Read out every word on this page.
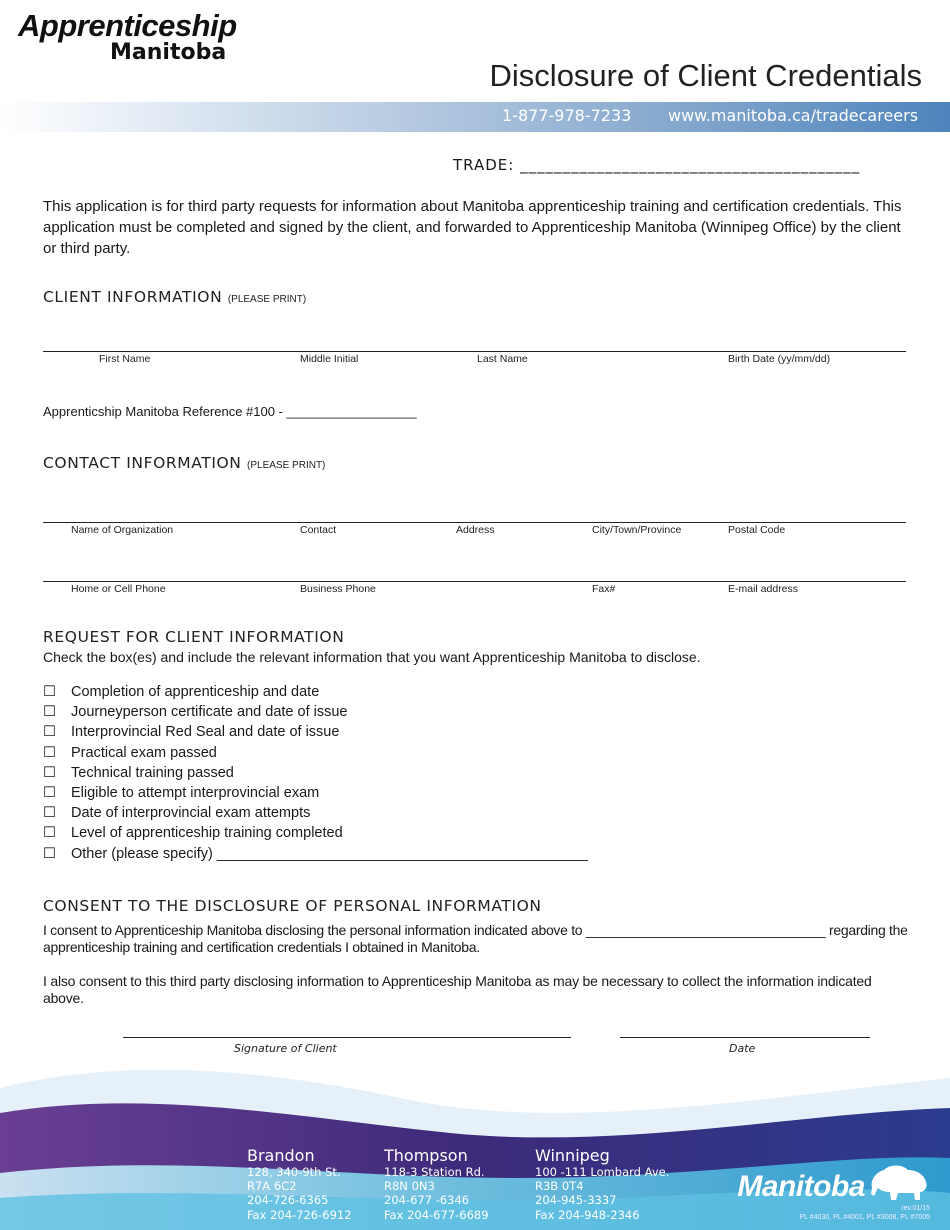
Apprenticeship
Manitoba
Disclosure of Client Credentials
1-877-978-7233 www.manitoba.ca/tradecareers
TRADE: ________________________________________
This application is for third party requests for information about Manitoba apprenticeship training and certification credentials. This application must be completed and signed by the client, and forwarded to Apprenticeship Manitoba (Winnipeg Office) by the client or third party.
CLIENT INFORMATION (PLEASE PRINT)
First Name	Middle Initial	Last Name	Birth Date (yy/mm/dd)
Apprenticship Manitoba Reference #100 - __________________
CONTACT INFORMATION (PLEASE PRINT)
Name of Organization	Contact	Address	City/Town/Province	Postal Code
Home or Cell Phone	Business Phone	Fax#	E-mail address
REQUEST FOR CLIENT INFORMATION
Check the box(es) and include the relevant information that you want Apprenticeship Manitoba to disclose.
☐ Completion of apprenticeship and date
☐ Journeyperson certificate and date of issue
☐ Interprovincial Red Seal and date of issue
☐ Practical exam passed
☐ Technical training passed
☐ Eligible to attempt interprovincial exam
☐ Date of interprovincial exam attempts
☐ Level of apprenticeship training completed
☐ Other (please specify) ______________________________________________
CONSENT TO THE DISCLOSURE OF PERSONAL INFORMATION
I consent to Apprenticeship Manitoba disclosing the personal information indicated above to ________________________________ regarding the apprenticeship training and certification credentials I obtained in Manitoba.
I also consent to this third party disclosing information to Apprenticeship Manitoba as may be necessary to collect the information indicated above.
Signature of Client	Date
Brandon
128, 340-9th St.
R7A 6C2
204-726-6365
Fax 204-726-6912
Thompson
118-3 Station Rd.
R8N 0N3
204-677 -6346
Fax 204-677-6689
Winnipeg
100 -111 Lombard Ave.
R3B 0T4
204-945-3337
Fax 204-948-2346
Manitoba
rev.01/15
PL #4030, PL #4001, PL #3008, PL #7005
